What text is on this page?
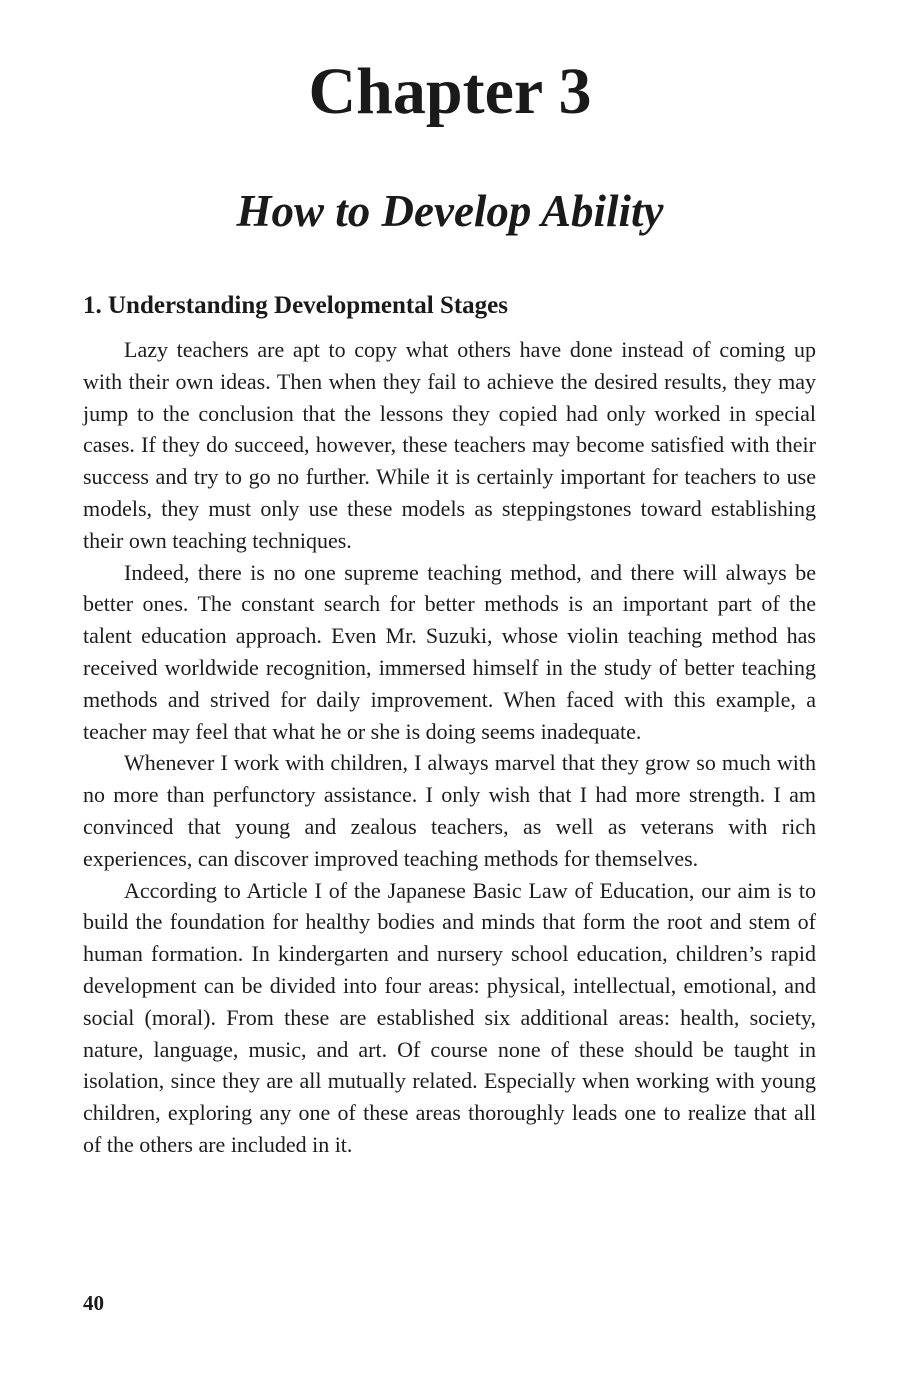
Chapter 3
How to Develop Ability
1. Understanding Developmental Stages

Lazy teachers are apt to copy what others have done instead of coming up with their own ideas. Then when they fail to achieve the desired results, they may jump to the conclusion that the lessons they copied had only worked in special cases. If they do succeed, however, these teachers may become satisfied with their success and try to go no further. While it is certainly important for teachers to use models, they must only use these models as steppingstones toward establishing their own teaching techniques.

Indeed, there is no one supreme teaching method, and there will always be better ones. The constant search for better methods is an important part of the talent education approach. Even Mr. Suzuki, whose violin teaching method has received worldwide recognition, immersed himself in the study of better teaching methods and strived for daily improvement. When faced with this example, a teacher may feel that what he or she is doing seems inadequate.

Whenever I work with children, I always marvel that they grow so much with no more than perfunctory assistance. I only wish that I had more strength. I am convinced that young and zealous teachers, as well as veterans with rich experiences, can discover improved teaching methods for themselves.

According to Article I of the Japanese Basic Law of Education, our aim is to build the foundation for healthy bodies and minds that form the root and stem of human formation. In kindergarten and nursery school education, children’s rapid development can be divided into four areas: physical, intellectual, emotional, and social (moral). From these are established six additional areas: health, society, nature, language, music, and art. Of course none of these should be taught in isolation, since they are all mutually related. Especially when working with young children, exploring any one of these areas thoroughly leads one to realize that all of the others are included in it.

40
